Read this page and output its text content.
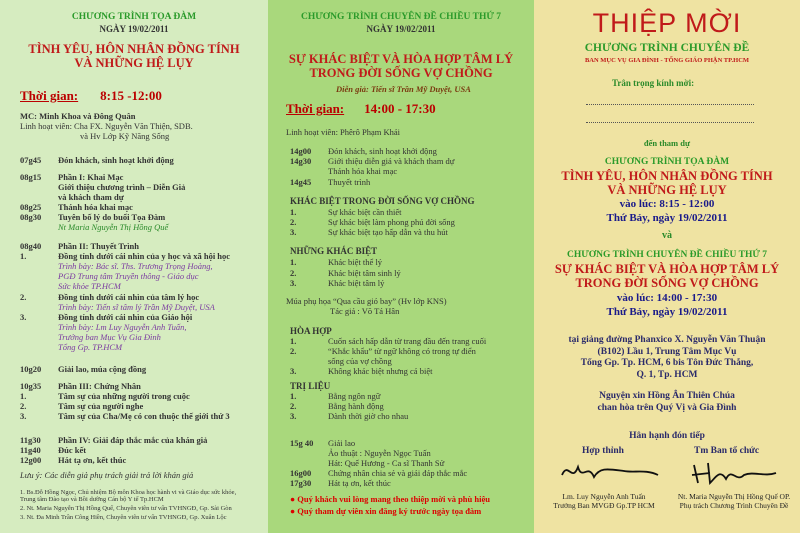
CHƯƠNG TRÌNH TỌA ĐÀM
NGÀY 19/02/2011
TÌNH YÊU, HÔN NHÂN ĐỒNG TÍNH
VÀ NHỮNG HỆ LỤY
Thời gian: 8:15 -12:00
MC: Minh Khoa và Đông Quân
Linh hoạt viên: Cha FX. Nguyễn Văn Thiện, SDB.
và Hv Lớp Kỹ Năng Sống
07g45 Đón khách, sinh hoạt khởi động
08g15 Phần I: Khai Mạc
Giới thiệu chương trình – Diễn Giả
và khách tham dự
08g25 Thánh hóa khai mạc
08g30 Tuyên bố lý do buổi Tọa Đàm
Nt Maria Nguyễn Thị Hồng Quế
08g40 Phần II: Thuyết Trình
1.	Đồng tính dưới cái nhìn của y học và xã hội học
Trình bày: Bác sĩ. Ths. Trương Trọng Hoàng,
PGĐ Trung tâm Truyền thông - Giáo dục
Sức khỏe TP.HCM
2.	Đồng tính dưới cái nhìn của tâm lý học
Trình bày: Tiến sĩ tâm lý Trần Mỹ Duyệt, USA
3.	Đồng tính dưới cái nhìn của Giáo hội
Trình bày: Lm Luy Nguyễn Anh Tuấn,
Trưởng ban Mục Vụ Gia Đình
Tổng Gp. TP.HCM
10g20 Giải lao, múa cộng đồng
10g35 Phần III: Chứng Nhân
1.	Tâm sự của những người trong cuộc
2.	Tâm sự của người nghe
3.	Tâm sự của Cha/Mẹ có con thuộc thế giới thứ 3
11g30 Phần IV: Giải đáp thắc mắc của khán giả
11g40 Đúc kết
12g00 Hát tạ ơn, kết thúc
Lưu ý: Các diễn giả phụ trách giải trả lời khán giả
1. Bs.Đỗ Hồng Ngọc, Chủ nhiệm Bộ môn Khoa học hành vi và Giáo dục sức khỏe,
Trung tâm Đào tạo và Bồi dưỡng Cán bộ Y tế Tp.HCM
2. Nt. Maria Nguyễn Thị Hồng Quế, Chuyên viên tư vấn TVHNGĐ, Gp. Sài Gòn
3. Nt. Đa Minh Trần Công Hiền, Chuyên viên tư vấn TVHNGĐ, Gp. Xuân Lộc
CHƯƠNG TRÌNH CHUYÊN ĐỀ CHIỀU THỨ 7
NGÀY 19/02/2011
SỰ KHÁC BIỆT VÀ HÒA HỢP TÂM LÝ
TRONG ĐỜI SỐNG VỢ CHỒNG
Diễn giả: Tiến sĩ Trần Mỹ Duyệt, USA
Thời gian: 14:00 - 17:30
Linh hoạt viên: Phêrô Phạm Khải
14g00 Đón khách, sinh hoạt khởi động
14g30 Giới thiệu diễn giả và khách tham dự
Thánh hóa khai mạc
14g45 Thuyết trình
KHÁC BIỆT TRONG ĐỜI SỐNG VỢ CHỒNG
1.	Sự khác biệt cần thiết
2.	Sự khác biệt làm phong phú đời sống
3.	Sự khác biệt tạo hấp dẫn và thu hút
NHỮNG KHÁC BIỆT
1.	Khác biệt thể lý
2.	Khác biệt tâm sinh lý
3.	Khác biệt tâm lý
Múa phụ họa “Qua cầu gió bay” (Hv lớp KNS)
Tác giả : Võ Tá Hân
HÒA HỢP
1.	Cuốn sách hấp dẫn từ trang đầu đến trang cuối
2.	“Khắc khẩu” từ ngữ không có trong tự điển
sống của vợ chồng
3.	Không khác biệt nhưng cá biệt
TRỊ LIỆU
1.	Bằng ngôn ngữ
2.	Bằng hành động
3.	Dành thời giờ cho nhau
15g 40 Giải lao
Ảo thuật : Nguyễn Ngọc Tuấn
Hát: Quế Hương - Ca sĩ Thanh Sử
16g00 Chứng nhân chia sẻ và giải đáp thắc mắc
17g30 Hát tạ ơn, kết thúc
● Quý khách vui lòng mang theo thiệp mời và phù hiệu
● Quý tham dự viên xin đăng ký trước ngày tọa đàm
THIỆP MỜI
CHƯƠNG TRÌNH CHUYÊN ĐỀ
BAN MỤC VỤ GIA ĐÌNH - TỔNG GIÁO PHẬN TP.HCM
Trân trọng kính mời:
đến tham dự
CHƯƠNG TRÌNH TỌA ĐÀM
TÌNH YÊU, HÔN NHÂN ĐỒNG TÍNH
VÀ NHỮNG HỆ LỤY
vào lúc: 8:15 - 12:00
Thứ Bảy, ngày 19/02/2011
và
CHƯƠNG TRÌNH CHUYÊN ĐỀ CHIỀU THỨ 7
SỰ KHÁC BIỆT VÀ HÒA HỢP TÂM LÝ
TRONG ĐỜI SỐNG VỢ CHỒNG
vào lúc: 14:00 - 17:30
Thứ Bảy, ngày 19/02/2011
tại giảng đường Phanxico X. Nguyễn Văn Thuận
(B102) Lầu 1, Trung Tâm Mục Vụ
Tổng Gp. Tp. HCM, 6 bis Tôn Đức Thắng,
Q. 1, Tp. HCM
Nguyện xin Hồng Ân Thiên Chúa
chan hòa trên Quý Vị và Gia Đình
Hân hạnh đón tiếp
Hợp thỉnh	Tm Ban tổ chức
Lm. Luy Nguyễn Anh Tuấn
Trưởng Ban MVGĐ Gp.TP HCM
Nt. Maria Nguyễn Thị Hồng Quế OP.
Phụ trách Chương Trình Chuyên Đề
